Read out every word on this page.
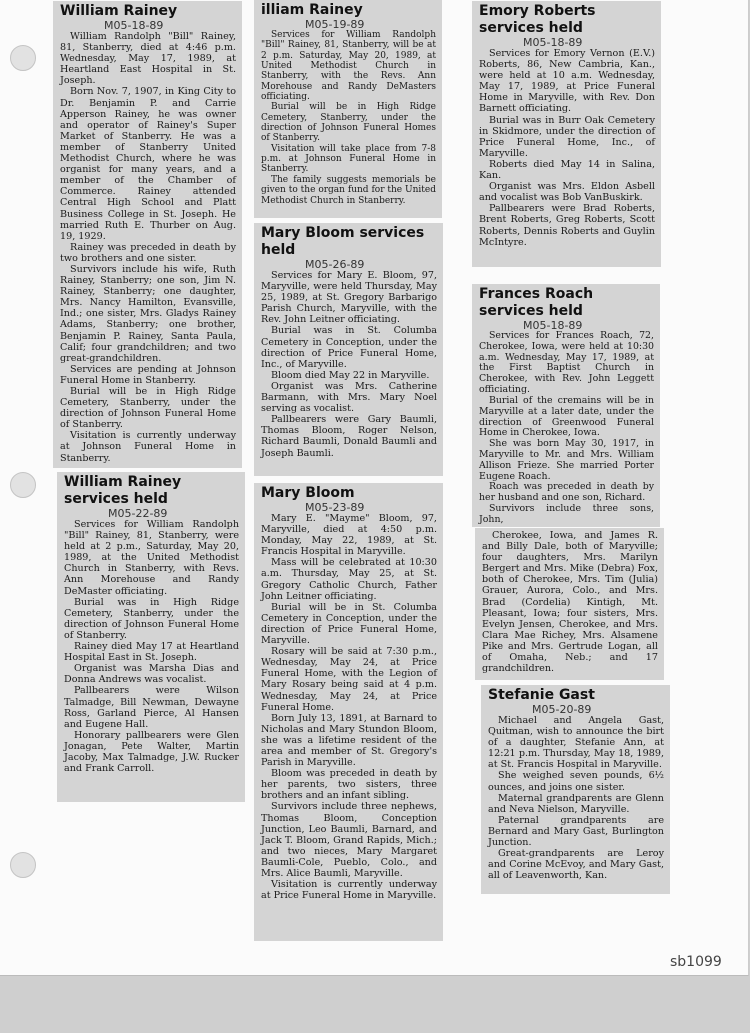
William Rainey
M05-18-89

William Randolph "Bill" Rainey, 81, Stanberry, died at 4:46 p.m. Wednesday, May 17, 1989, at Heartland East Hospital in St. Joseph.

Born Nov. 7, 1907, in King City to Dr. Benjamin P. and Carrie Apperson Rainey, he was owner and operator of Rainey's Super Market of Stanberry. He was a member of Stanberry United Methodist Church, where he was organist for many years, and a member of the Chamber of Commerce. Rainey attended Central High School and Platt Business College in St. Joseph. He married Ruth E. Thurber on Aug. 19, 1929.

Rainey was preceded in death by two brothers and one sister.

Survivors include his wife, Ruth Rainey, Stanberry; one son, Jim N. Rainey, Stanberry; one daughter, Mrs. Nancy Hamilton, Evansville, Ind.; one sister, Mrs. Gladys Rainey Adams, Stanberry; one brother, Benjamin P. Rainey, Santa Paula, Calif; four grandchildren; and two great-grandchildren.

Services are pending at Johnson Funeral Home in Stanberry.

Burial will be in High Ridge Cemetery, Stanberry, under the direction of Johnson Funeral Home of Stanberry.

Visitation is currently underway at Johnson Funeral Home in Stanberry.

illiam Rainey
M05-19-89

Services for William Randolph "Bill" Rainey, 81, Stanberry, will be at 2 p.m. Saturday, May 20, 1989, at United Methodist Church in Stanberry, with the Revs. Ann Morehouse and Randy DeMasters officiating.

Burial will be in High Ridge Cemetery, Stanberry, under the direction of Johnson Funeral Homes of Stanberry.

Visitation will take place from 7-8 p.m. at Johnson Funeral Home in Stanberry.

The family suggests memorials be given to the organ fund for the United Methodist Church in Stanberry.

Emory Roberts services held
M05-18-89

Services for Emory Vernon (E.V.) Roberts, 86, New Cambria, Kan., were held at 10 a.m. Wednesday, May 17, 1989, at Price Funeral Home in Maryville, with Rev. Don Barnett officiating.

Burial was in Burr Oak Cemetery in Skidmore, under the direction of Price Funeral Home, Inc., of Maryville.

Roberts died May 14 in Salina, Kan.

Organist was Mrs. Eldon Asbell and vocalist was Bob VanBuskirk.

Pallbearers were Brad Roberts, Brent Roberts, Greg Roberts, Scott Roberts, Dennis Roberts and Guylin McIntyre.

Mary Bloom services held
M05-26-89

Services for Mary E. Bloom, 97, Maryville, were held Thursday, May 25, 1989, at St. Gregory Barbarigo Parish Church, Maryville, with the Rev. John Leitner officiating.

Burial was in St. Columba Cemetery in Conception, under the direction of Price Funeral Home, Inc., of Maryville.

Bloom died May 22 in Maryville.

Organist was Mrs. Catherine Barmann, with Mrs. Mary Noel serving as vocalist.

Pallbearers were Gary Baumli, Thomas Bloom, Roger Nelson, Richard Baumli, Donald Baumli and Joseph Baumli.

Frances Roach services held
M05-18-89

Services for Frances Roach, 72, Cherokee, Iowa, were held at 10:30 a.m. Wednesday, May 17, 1989, at the First Baptist Church in Cherokee, with Rev. John Leggett officiating.

Burial of the cremains will be in Maryville at a later date, under the direction of Greenwood Funeral Home in Cherokee, Iowa.

She was born May 30, 1917, in Maryville to Mr. and Mrs. William Allison Frieze. She married Porter Eugene Roach.

Roach was preceded in death by her husband and one son, Richard.

Survivors include three sons, John,

Cherokee, Iowa, and James R. and Billy Dale, both of Maryville; four daughters, Mrs. Marilyn Bergert and Mrs. Mike (Debra) Fox, both of Cherokee, Mrs. Tim (Julia) Grauer, Aurora, Colo., and Mrs. Brad (Cordelia) Kintigh, Mt. Pleasant, Iowa; four sisters, Mrs. Evelyn Jensen, Cherokee, and Mrs. Clara Mae Richey, Mrs. Alsamene Pike and Mrs. Gertrude Logan, all of Omaha, Neb.; and 17 grandchildren.

William Rainey services held
M05-22-89

Services for William Randolph "Bill" Rainey, 81, Stanberry, were held at 2 p.m., Saturday, May 20, 1989, at the United Methodist Church in Stanberry, with Revs. Ann Morehouse and Randy DeMaster officiating.

Burial was in High Ridge Cemetery, Stanberry, under the direction of Johnson Funeral Home of Stanberry.

Rainey died May 17 at Heartland Hospital East in St. Joseph.

Organist was Marsha Dias and Donna Andrews was vocalist.

Pallbearers were Wilson Talmadge, Bill Newman, Dewayne Ross, Garland Pierce, Al Hansen and Eugene Hall.

Honorary pallbearers were Glen Jonagan, Pete Walter, Martin Jacoby, Max Talmadge, J.W. Rucker and Frank Carroll.

Mary Bloom
M05-23-89

Mary E. "Mayme" Bloom, 97, Maryville, died at 4:50 p.m. Monday, May 22, 1989, at St. Francis Hospital in Maryville.

Mass will be celebrated at 10:30 a.m. Thursday, May 25, at St. Gregory Catholic Church, Father John Leitner officiating.

Burial will be in St. Columba Cemetery in Conception, under the direction of Price Funeral Home, Maryville.

Rosary will be said at 7:30 p.m., Wednesday, May 24, at Price Funeral Home, with the Legion of Mary Rosary being said at 4 p.m. Wednesday, May 24, at Price Funeral Home.

Born July 13, 1891, at Barnard to Nicholas and Mary Stundon Bloom, she was a lifetime resident of the area and member of St. Gregory's Parish in Maryville.

Bloom was preceded in death by her parents, two sisters, three brothers and an infant sibling.

Survivors include three nephews, Thomas Bloom, Conception Junction, Leo Baumli, Barnard, and Jack T. Bloom, Grand Rapids, Mich.; and two nieces, Mary Margaret Baumli-Cole, Pueblo, Colo., and Mrs. Alice Baumli, Maryville.

Visitation is currently underway at Price Funeral Home in Maryville.

Stefanie Gast
M05-20-89

Michael and Angela Gast, Quitman, wish to announce the birt of a daughter, Stefanie Ann, at 12:21 p.m. Thursday, May 18, 1989, at St. Francis Hospital in Maryville.

She weighed seven pounds, 6½ ounces, and joins one sister.

Maternal grandparents are Glenn and Neva Nielson, Maryville.

Paternal grandparents are Bernard and Mary Gast, Burlington Junction.

Great-grandparents are Leroy and Corine McEvoy, and Mary Gast, all of Leavenworth, Kan.

sb1099
